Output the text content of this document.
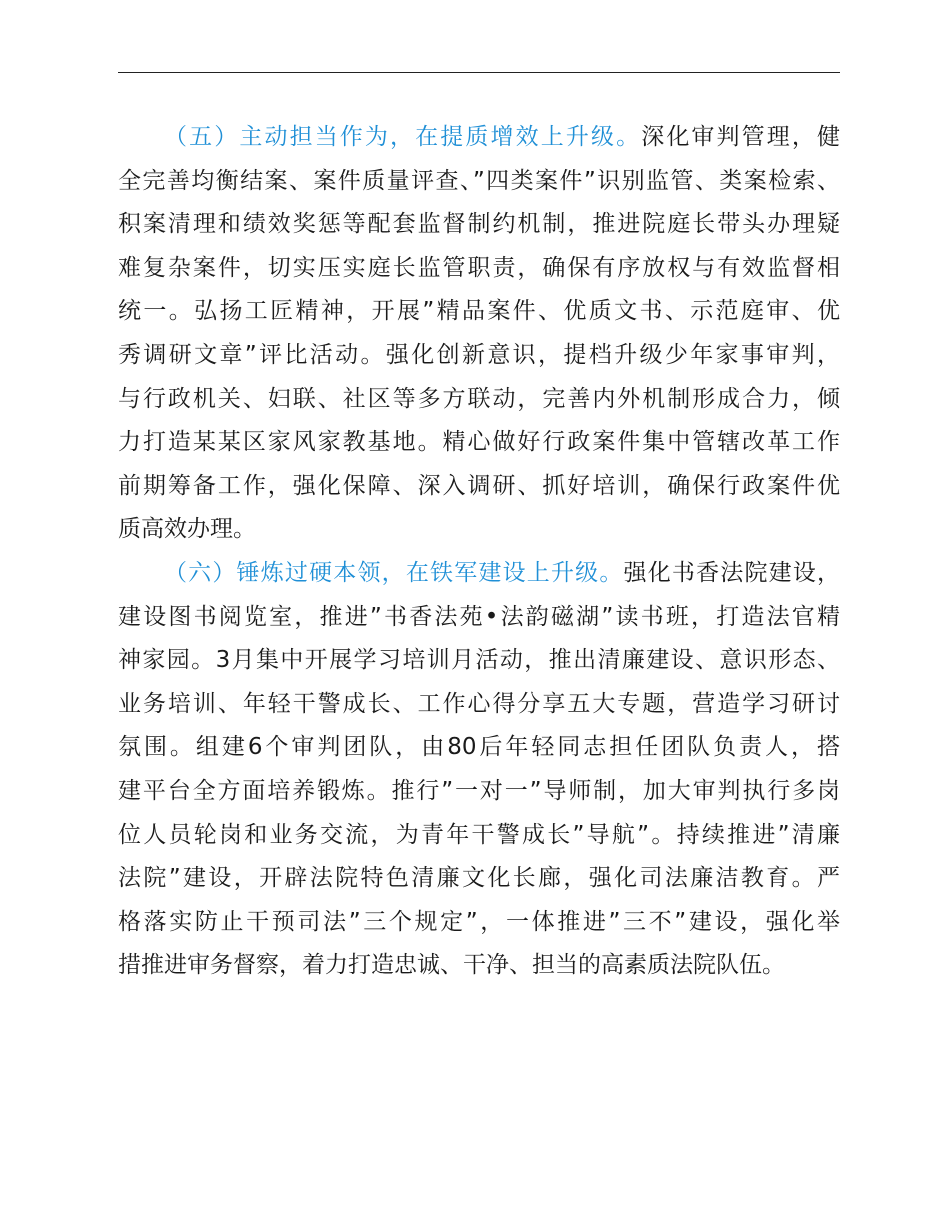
（五）主动担当作为，在提质增效上升级。深化审判管理，健
全完善均衡结案、案件质量评查、”四类案件”识别监管、类案检索、
积案清理和绩效奖惩等配套监督制约机制，推进院庭长带头办理疑
难复杂案件，切实压实庭长监管职责，确保有序放权与有效监督相
统一。弘扬工匠精神，开展”精品案件、优质文书、示范庭审、优
秀调研文章”评比活动。强化创新意识，提档升级少年家事审判，
与行政机关、妇联、社区等多方联动，完善内外机制形成合力，倾
力打造某某区家风家教基地。精心做好行政案件集中管辖改革工作
前期筹备工作，强化保障、深入调研、抓好培训，确保行政案件优
质高效办理。
（六）锤炼过硬本领，在铁军建设上升级。强化书香法院建设，
建设图书阅览室，推进”书香法苑•法韵磁湖”读书班，打造法官精
神家园。3月集中开展学习培训月活动，推出清廉建设、意识形态、
业务培训、年轻干警成长、工作心得分享五大专题，营造学习研讨
氛围。组建6个审判团队，由80后年轻同志担任团队负责人，搭
建平台全方面培养锻炼。推行”一对一”导师制，加大审判执行多岗
位人员轮岗和业务交流，为青年干警成长”导航”。持续推进”清廉
法院”建设，开辟法院特色清廉文化长廊，强化司法廉洁教育。严
格落实防止干预司法”三个规定”，一体推进”三不”建设，强化举
措推进审务督察，着力打造忠诚、干净、担当的高素质法院队伍。
